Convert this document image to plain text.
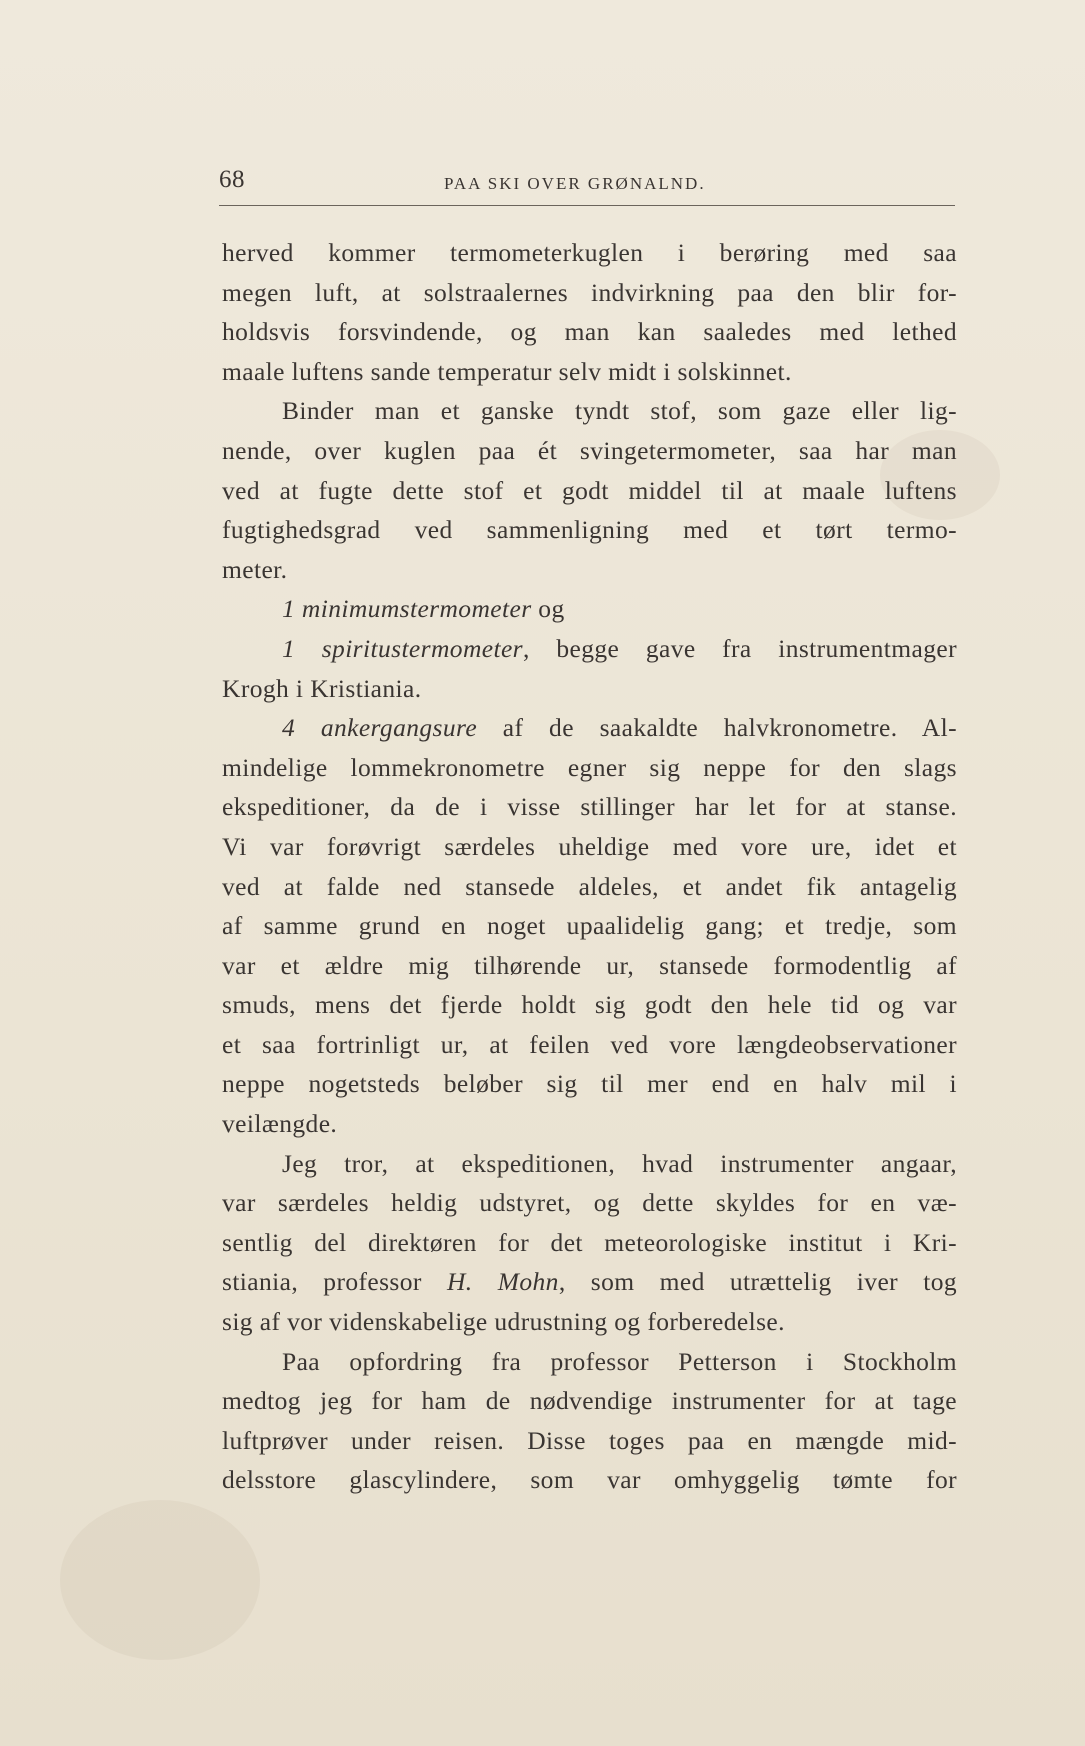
68	PAA SKI OVER GRØNALND.
herved kommer termometerkuglen i berøring med saa
megen luft, at solstraalernes indvirkning paa den blir for-
holdsvis forsvindende, og man kan saaledes med lethed
maale luftens sande temperatur selv midt i solskinnet.
Binder man et ganske tyndt stof, som gaze eller lig-
nende, over kuglen paa ét svingetermometer, saa har man
ved at fugte dette stof et godt middel til at maale luftens
fugtighedsgrad ved sammenligning med et tørt termo-
meter.
1 minimumstermometer og
1 spiritustermometer, begge gave fra instrumentmager
Krogh i Kristiania.
4 ankergangsure af de saakaldte halvkronometre. Al-
mindelige lommekronometre egner sig neppe for den slags
ekspeditioner, da de i visse stillinger har let for at stanse.
Vi var forøvrigt særdeles uheldige med vore ure, idet et
ved at falde ned stansede aldeles, et andet fik antagelig
af samme grund en noget upaalidelig gang; et tredje, som
var et ældre mig tilhørende ur, stansede formodentlig af
smuds, mens det fjerde holdt sig godt den hele tid og var
et saa fortrinligt ur, at feilen ved vore længdeobservationer
neppe nogetsteds beløber sig til mer end en halv mil i
veilængde.
Jeg tror, at ekspeditionen, hvad instrumenter angaar,
var særdeles heldig udstyret, og dette skyldes for en væ-
sentlig del direktøren for det meteorologiske institut i Kri-
stiania, professor H. Mohn, som med utrættelig iver tog
sig af vor videnskabelige udrustning og forberedelse.
Paa opfordring fra professor Petterson i Stockholm
medtog jeg for ham de nødvendige instrumenter for at tage
luftprøver under reisen. Disse toges paa en mængde mid-
delsstore glascylindere, som var omhyggelig tømte for
